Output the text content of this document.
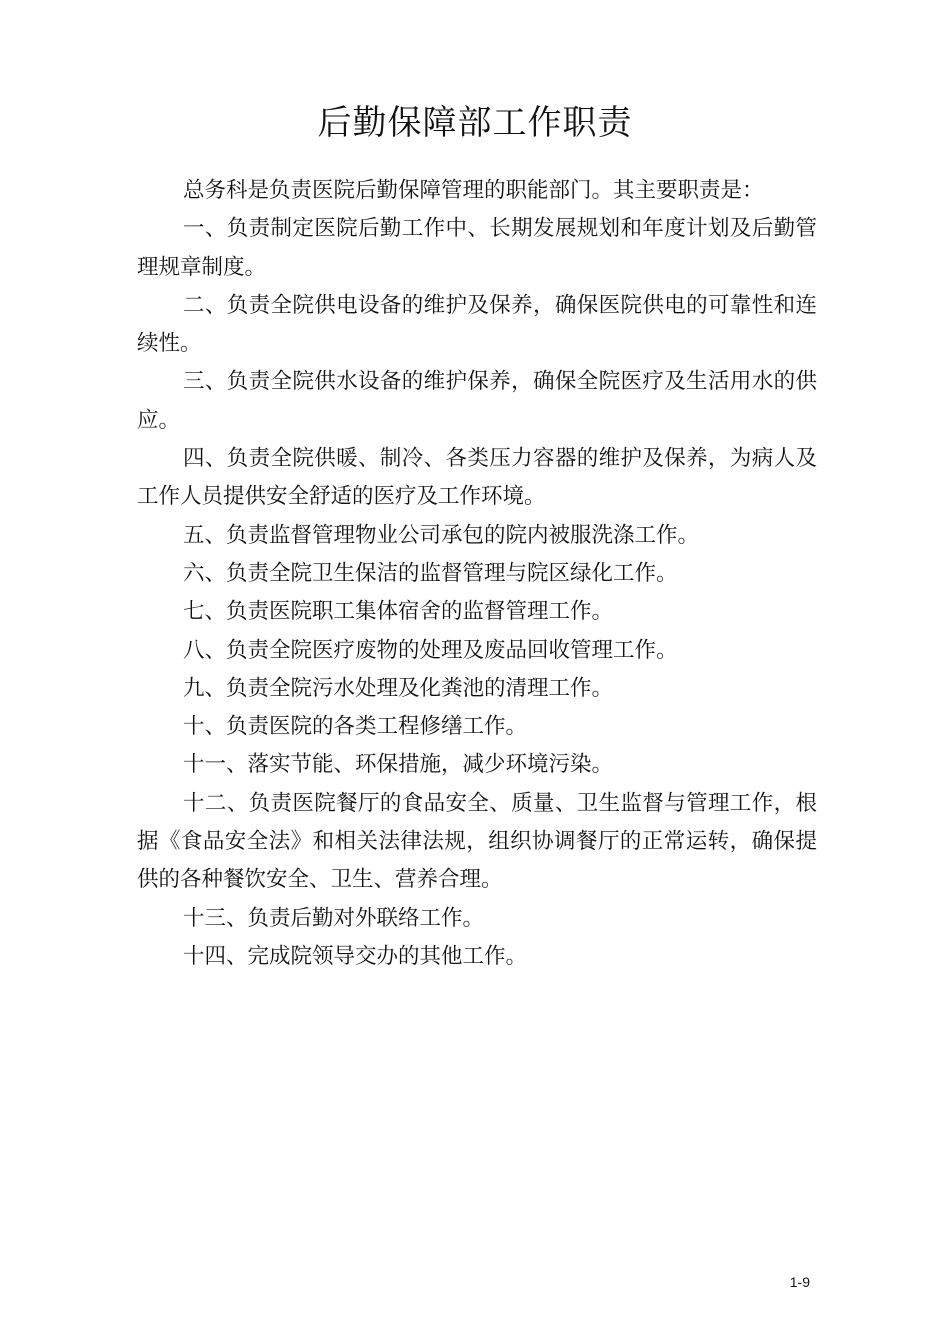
后勤保障部工作职责

总务科是负责医院后勤保障管理的职能部门。其主要职责是：

一、负责制定医院后勤工作中、长期发展规划和年度计划及后勤管理规章制度。

二、负责全院供电设备的维护及保养，确保医院供电的可靠性和连续性。

三、负责全院供水设备的维护保养，确保全院医疗及生活用水的供应。

四、负责全院供暖、制冷、各类压力容器的维护及保养，为病人及工作人员提供安全舒适的医疗及工作环境。

五、负责监督管理物业公司承包的院内被服洗涤工作。

六、负责全院卫生保洁的监督管理与院区绿化工作。

七、负责医院职工集体宿舍的监督管理工作。

八、负责全院医疗废物的处理及废品回收管理工作。

九、负责全院污水处理及化粪池的清理工作。

十、负责医院的各类工程修缮工作。

十一、落实节能、环保措施，减少环境污染。

十二、负责医院餐厅的食品安全、质量、卫生监督与管理工作，根据《食品安全法》和相关法律法规，组织协调餐厅的正常运转，确保提供的各种餐饮安全、卫生、营养合理。

十三、负责后勤对外联络工作。

十四、完成院领导交办的其他工作。

1-9
